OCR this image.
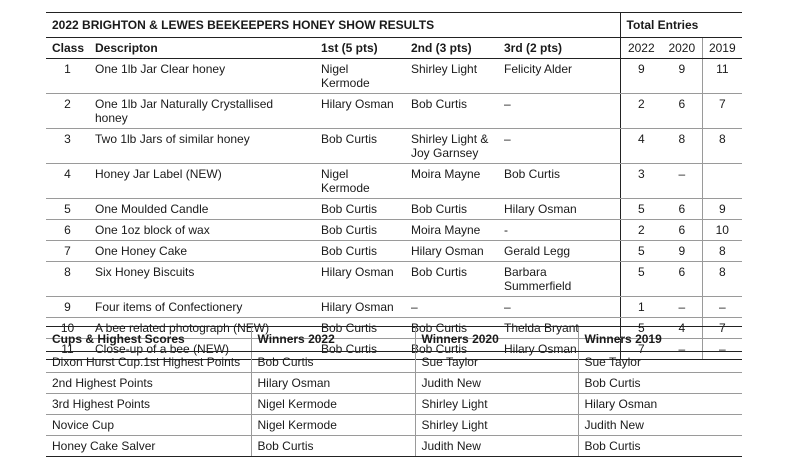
2022 BRIGHTON & LEWES BEEKEEPERS HONEY SHOW RESULTS					Total Entries		
Class	Descripton	1st (5 pts)	2nd (3 pts)	3rd (2 pts)	2022	2020	2019
1	One 1lb Jar Clear honey	Nigel Kermode	Shirley Light	Felicity Alder	9	9	11
2	One 1lb Jar Naturally Crystallised honey	Hilary Osman	Bob Curtis	–	2	6	7
3	Two 1lb Jars of similar honey	Bob Curtis	Shirley Light & Joy Garnsey	–	4	8	8
4	Honey Jar Label (NEW)	Nigel Kermode	Moira Mayne	Bob Curtis	3	–	
5	One Moulded Candle	Bob Curtis	Bob Curtis	Hilary Osman	5	6	9
6	One 1oz block of wax	Bob Curtis	Moira Mayne	-	2	6	10
7	One Honey Cake	Bob Curtis	Hilary Osman	Gerald Legg	5	9	8
8	Six Honey Biscuits	Hilary Osman	Bob Curtis	Barbara Summerfield	5	6	8
9	Four items of Confectionery	Hilary Osman	–	–	1	–	–
10	A bee related photograph (NEW)	Bob Curtis	Bob Curtis	Thelda Bryant	5	4	7
11	Close-up of a bee (NEW)	Bob Curtis	Bob Curtis	Hilary Osman	7	–	–
Cups & Highest Scores	Winners 2022	Winners 2020	Winners 2019
Dixon Hurst Cup.1st Highest Points	Bob Curtis	Sue Taylor	Sue Taylor
2nd Highest Points	Hilary Osman	Judith New	Bob Curtis
3rd Highest Points	Nigel Kermode	Shirley Light	Hilary Osman
Novice Cup	Nigel Kermode	Shirley Light	Judith New
Honey Cake Salver	Bob Curtis	Judith New	Bob Curtis
